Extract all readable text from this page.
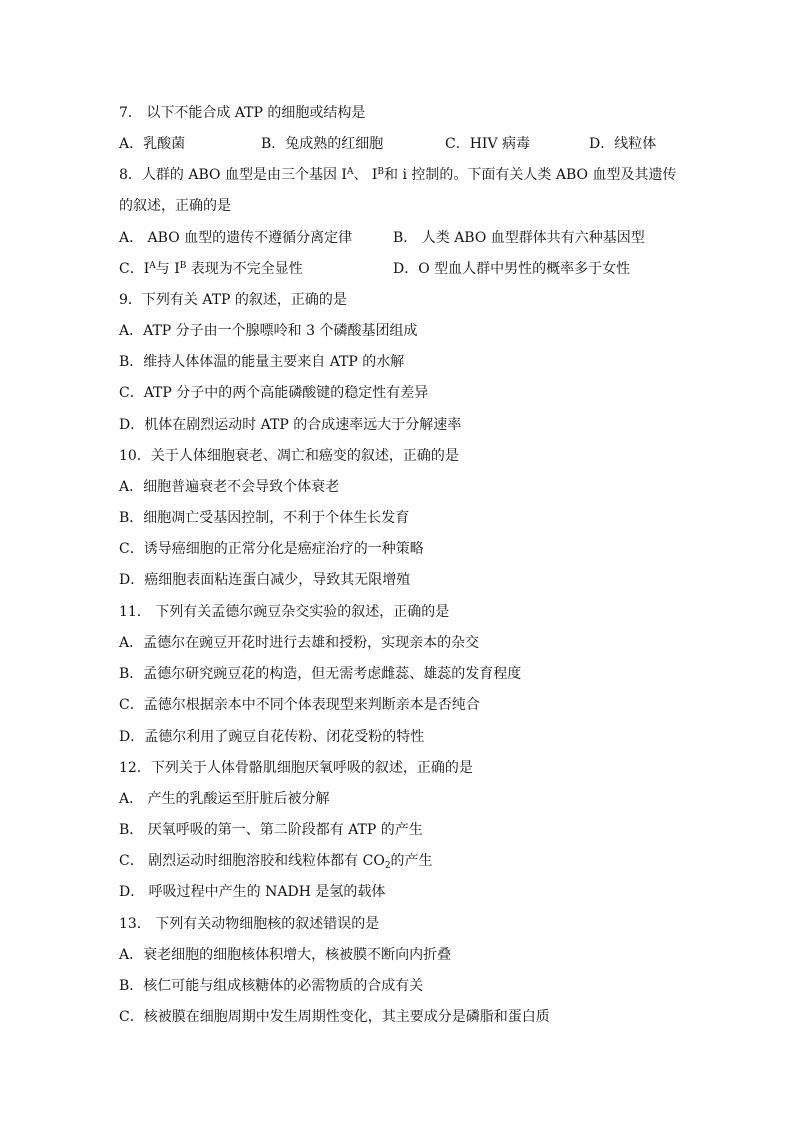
7． 以下不能合成 ATP 的细胞或结构是
A．乳酸菌	B．兔成熟的红细胞	C．HIV 病毒	D．线粒体
8．人群的 ABO 血型是由三个基因 $I^A$、 $I^B$和 i 控制的。下面有关人类 ABO 血型及其遗传
的叙述，正确的是
A． ABO 血型的遗传不遵循分离定律	B． 人类 ABO 血型群体共有六种基因型
C．$I^A$与 $I^B$ 表现为不完全显性	D．O 型血人群中男性的概率多于女性
9．下列有关 ATP 的叙述，正确的是
A．ATP 分子由一个腺嘌呤和 3 个磷酸基团组成
B．维持人体体温的能量主要来自 ATP 的水解
C．ATP 分子中的两个高能磷酸键的稳定性有差异
D．机体在剧烈运动时 ATP 的合成速率远大于分解速率
10．关于人体细胞衰老、凋亡和癌变的叙述，正确的是
A．细胞普遍衰老不会导致个体衰老
B．细胞凋亡受基因控制，不利于个体生长发育
C．诱导癌细胞的正常分化是癌症治疗的一种策略
D．癌细胞表面粘连蛋白减少，导致其无限增殖
11． 下列有关孟德尔豌豆杂交实验的叙述，正确的是
A．孟德尔在豌豆开花时进行去雄和授粉，实现亲本的杂交
B．孟德尔研究豌豆花的构造，但无需考虑雌蕊、雄蕊的发育程度
C．孟德尔根据亲本中不同个体表现型来判断亲本是否纯合
D．孟德尔利用了豌豆自花传粉、闭花受粉的特性
12．下列关于人体骨骼肌细胞厌氧呼吸的叙述，正确的是
A． 产生的乳酸运至肝脏后被分解
B． 厌氧呼吸的第一、第二阶段都有 ATP 的产生
C． 剧烈运动时细胞溶胶和线粒体都有 $CO_2$的产生
D． 呼吸过程中产生的 NADH 是氢的载体
13． 下列有关动物细胞核的叙述错误的是
A．衰老细胞的细胞核体积增大，核被膜不断向内折叠
B．核仁可能与组成核糖体的必需物质的合成有关
C．核被膜在细胞周期中发生周期性变化，其主要成分是磷脂和蛋白质
